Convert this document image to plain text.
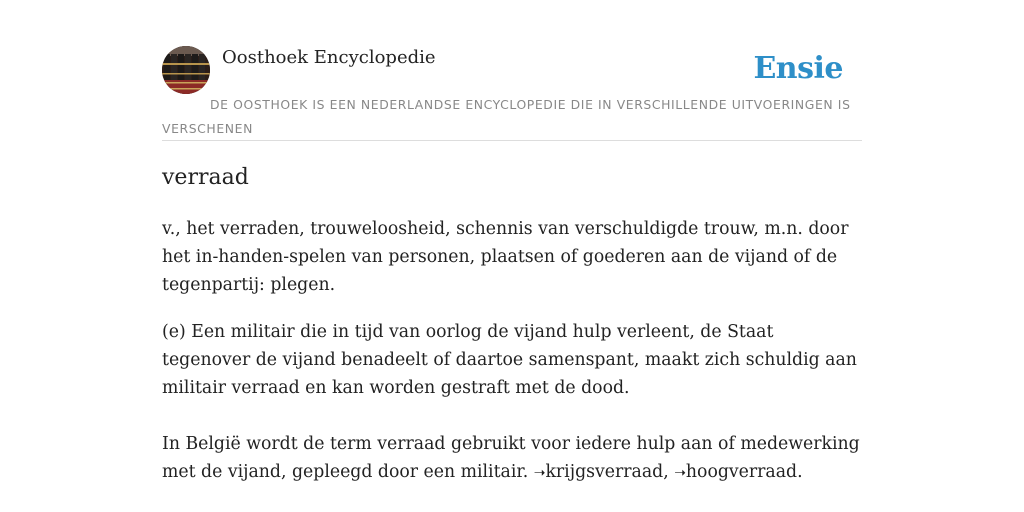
Oosthoek Encyclopedie	Ensie

DE OOSTHOEK IS EEN NEDERLANDSE ENCYCLOPEDIE DIE IN VERSCHILLENDE UITVOERINGEN IS VERSCHENEN

verraad

v., het verraden, trouweloosheid, schennis van verschuldigde trouw, m.n. door het in-handen-spelen van personen, plaatsen of goederen aan de vijand of de tegenpartij: plegen.

(e) Een militair die in tijd van oorlog de vijand hulp verleent, de Staat tegenover de vijand benadeelt of daartoe samenspant, maakt zich schuldig aan militair verraad en kan worden gestraft met de dood.

In België wordt de term verraad gebruikt voor iedere hulp aan of medewerking met de vijand, gepleegd door een militair. ➝krijgsverraad, ➝hoogverraad.
